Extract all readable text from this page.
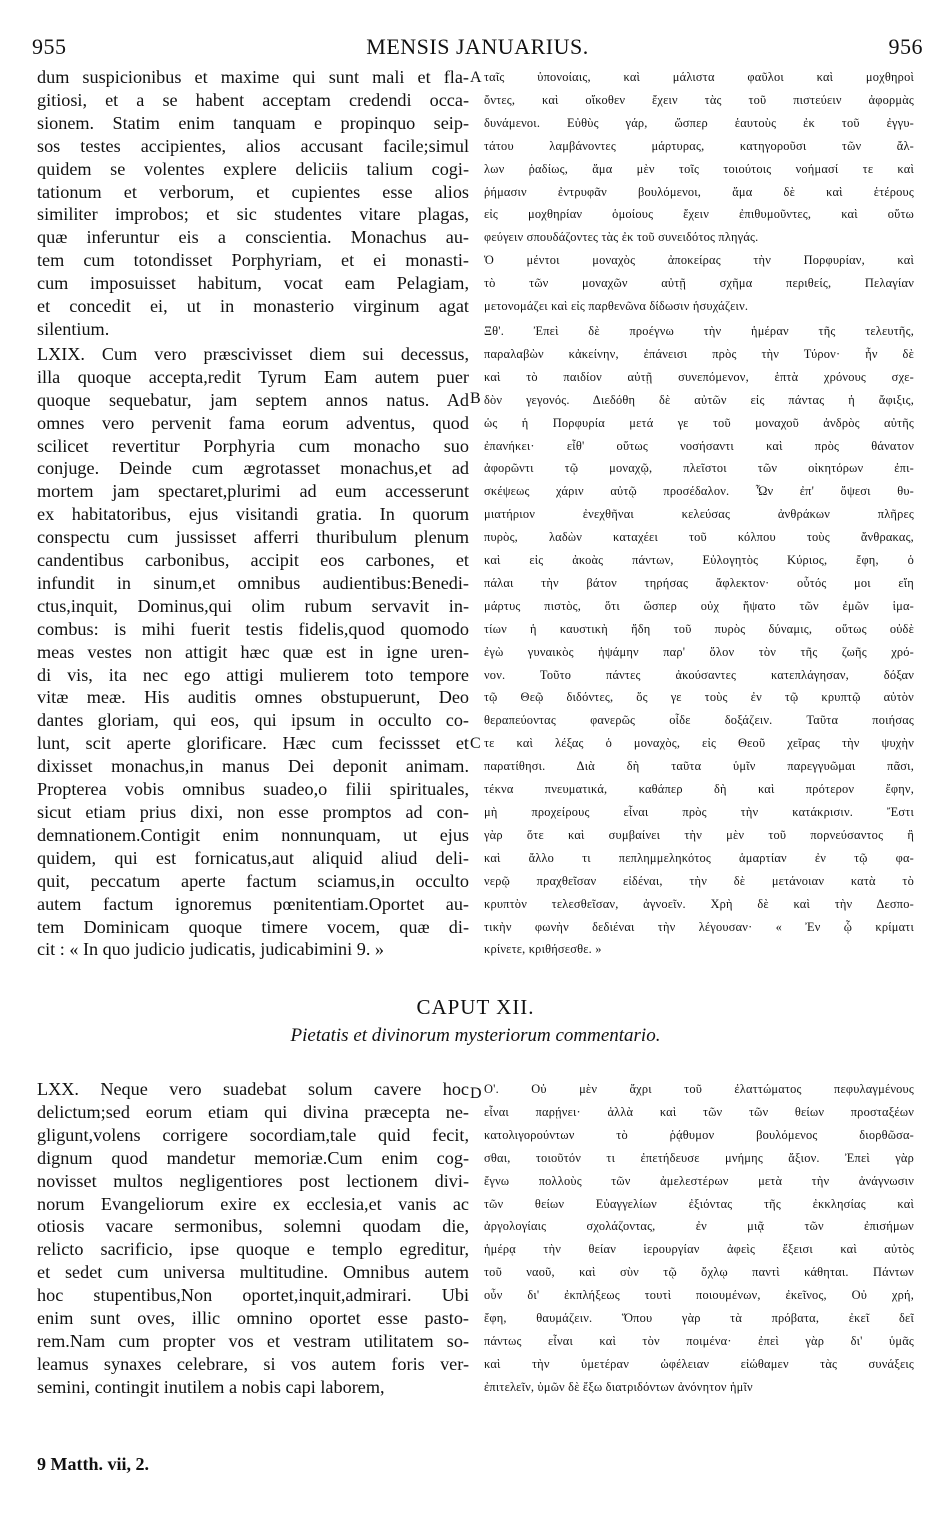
955	MENSIS JANUARIUS.	956
dum suspicionibus et maxime qui sunt mali et fla-
gitiosi, et a se habent acceptam credendi occa-
sionem. Statim enim tanquam e propinquo seip-
sos testes accipientes, alios accusant facile;simul
quidem se volentes explere deliciis talium cogi-
tationum et verborum, et cupientes esse alios
similiter improbos; et sic studentes vitare plagas,
quæ inferuntur eis a conscientia. Monachus au-
tem cum totondisset Porphyriam, et ei monasti-
cum imposuisset habitum, vocat eam Pelagiam,
et concedit ei, ut in monasterio virginum agat
silentium.
LXIX. Cum vero præscivisset diem sui decessus,
illa quoque accepta,redit Tyrum Eam autem puer
quoque sequebatur, jam septem annos natus. Ad
omnes vero pervenit fama eorum adventus, quod
scilicet revertitur Porphyria cum monacho suo
conjuge. Deinde cum ægrotasset monachus,et ad
mortem jam spectaret,plurimi ad eum accesserunt
ex habitatoribus, ejus visitandi gratia. In quorum
conspectu cum jussisset afferri thuribulum plenum
candentibus carbonibus, accipit eos carbones, et
infundit in sinum,et omnibus audientibus:Benedi-
ctus,inquit, Dominus,qui olim rubum servavit in-
combus: is mihi fuerit testis fidelis,quod quomodo
meas vestes non attigit hæc quæ est in igne uren-
di vis, ita nec ego attigi mulierem toto tempore
vitæ meæ. His auditis omnes obstupuerunt, Deo
dantes gloriam, qui eos, qui ipsum in occulto co-
lunt, scit aperte glorificare. Hæc cum fecissset et
dixisset monachus,in manus Dei deponit animam.
Propterea vobis omnibus suadeo,o filii spirituales,
sicut etiam prius dixi, non esse promptos ad con-
demnationem.Contigit enim nonnunquam, ut ejus
quidem, qui est fornicatus,aut aliquid aliud deli-
quit, peccatum aperte factum sciamus,in occulto
autem factum ignoremus pœnitentiam.Oportet au-
tem Dominicam quoque timere vocem, quæ di-
cit : « In quo judicio judicatis, judicabimini 9. »
ταῖς ὑπονοίαις, καὶ μάλιστα φαῦλοι καὶ μοχθηροὶ
ὄντες, καὶ οἴκοθεν ἔχειν τὰς τοῦ πιστεύειν ἀφορμὰς
δυνάμενοι. Εὐθὺς γάρ, ὥσπερ ἑαυτοὺς ἐκ τοῦ ἐγγυ-
τάτου λαμβάνοντες μάρτυρας, κατηγοροῦσι τῶν ἄλ-
λων ῥαδίως, ἅμα μὲν τοῖς τοιούτοις νοήμασί τε καὶ
ῥήμασιν ἐντρυφᾶν βουλόμενοι, ἅμα δὲ καὶ ἑτέρους
εἰς μοχθηρίαν ὁμοίους ἔχειν ἐπιθυμοῦντες, καὶ οὕτω
φεύγειν σπουδάζοντες τὰς ἐκ τοῦ συνειδότος πληγάς.
Ὁ μέντοι μοναχὸς ἀποκείρας τὴν Πορφυρίαν, καὶ
τὸ τῶν μοναχῶν αὐτῇ σχῆμα περιθείς, Πελαγίαν
μετονομάζει καὶ εἰς παρθενῶνα δίδωσιν ἡσυχάζειν.
Ξθ'. Ἐπεὶ δὲ προέγνω τὴν ἡμέραν τῆς τελευτῆς,
παραλαβὼν κἀκείνην, ἐπάνεισι πρὸς τὴν Τύρον· ἦν δὲ
καὶ τὸ παιδίον αὐτῇ συνεπόμενον, ἑπτὰ χρόνους σχε-
δὸν γεγονός. Διεδόθη δὲ αὐτῶν εἰς πάντας ἡ ἄφιξις,
ὡς ἡ Πορφυρία μετά γε τοῦ μοναχοῦ ἀνδρὸς αὐτῆς
ἐπανήκει· εἶθ' οὕτως νοσήσαντι καὶ πρὸς θάνατον
ἀφορῶντι τῷ μοναχῷ, πλεῖστοι τῶν οἰκητόρων ἐπι-
σκέψεως χάριν αὐτῷ προσέδαλον. Ὧν ἐπ' ὄψεσι θυ-
μιατήριον ἐνεχθῆναι κελεύσας ἀνθράκων πλῆρες
πυρὸς, λαδὼν καταχέει τοῦ κόλπου τοὺς ἄνθρακας,
καὶ εἰς ἀκοὰς πάντων, Εὐλογητὸς Κύριος, ἔφη, ὁ
πάλαι τὴν βάτον τηρήσας ἄφλεκτον· οὗτός μοι εἴη
μάρτυς πιστὸς, ὅτι ὥσπερ οὐχ ἥψατο τῶν ἐμῶν ἱμα-
τίων ἡ καυστικὴ ἤδη τοῦ πυρὸς δύναμις, οὕτως οὐδὲ
ἐγὼ γυναικὸς ἡψάμην παρ' ὅλον τὸν τῆς ζωῆς χρό-
νον. Τοῦτο πάντες ἀκούσαντες κατεπλάγησαν, δόξαν
τῷ Θεῷ διδόντες, ὅς γε τοὺς ἐν τῷ κρυπτῷ αὐτὸν
θεραπεύοντας φανερῶς οἶδε δοξάζειν. Ταῦτα ποιήσας
τε καὶ λέξας ὁ μοναχὸς, εἰς Θεοῦ χεῖρας τὴν ψυχὴν
παρατίθησι. Διὰ δὴ ταῦτα ὑμῖν παρεγγυῶμαι πᾶσι,
τέκνα πνευματικά, καθάπερ δὴ καὶ πρότερον ἔφην,
μὴ προχείρους εἶναι πρὸς τὴν κατάκρισιν. Ἔστι
γὰρ ὅτε καὶ συμβαίνει τὴν μὲν τοῦ πορνεύσαντος ἢ
καὶ ἄλλο τι πεπλημμεληκότος ἁμαρτίαν ἐν τῷ φα-
νερῷ πραχθεῖσαν εἰδέναι, τὴν δὲ μετάνοιαν κατὰ τὸ
κρυπτὸν τελεσθεῖσαν, ἀγνοεῖν. Χρὴ δὲ καὶ τὴν Δεσπο-
τικὴν φωνὴν δεδιέναι τὴν λέγουσαν· « Ἐν ᾧ κρίματι
κρίνετε, κριθήσεσθε. »
A
B
C
D
CAPUT XII.
Pietatis et divinorum mysteriorum commentario.
LXX. Neque vero suadebat solum cavere hoc
delictum;sed eorum etiam qui divina præcepta ne-
gligunt,volens corrigere socordiam,tale quid fecit,
dignum quod mandetur memoriæ.Cum enim cog-
novisset multos negligentiores post lectionem divi-
norum Evangeliorum exire ex ecclesia,et vanis ac
otiosis vacare sermonibus, solemni quodam die,
relicto sacrificio, ipse quoque e templo egreditur,
et sedet cum universa multitudine. Omnibus autem
hoc stupentibus,Non oportet,inquit,admirari. Ubi
enim sunt oves, illic omnino oportet esse pasto-
rem.Nam cum propter vos et vestram utilitatem so-
leamus synaxes celebrare, si vos autem foris ver-
semini, contingit inutilem a nobis capi laborem,
Ο'. Οὐ μὲν ἄχρι τοῦ ἐλαττώματος πεφυλαγμένους
εἶναι παρῄνει· ἀλλὰ καὶ τῶν τῶν θείων προσταξέων
κατολιγορούντων τὸ ῥᾴθυμον βουλόμενος διορθῶσα-
σθαι, τοιοῦτόν τι ἐπετήδευσε μνήμης ἄξιον. Ἐπεὶ γὰρ
ἔγνω πολλοὺς τῶν ἀμελεστέρων μετὰ τὴν ἀνάγνωσιν
τῶν θείων Εὐαγγελίων ἐξιόντας τῆς ἐκκλησίας καὶ
ἀργολογίαις σχολάζοντας, ἐν μιᾷ τῶν ἐπισήμων
ἡμέρᾳ τὴν θείαν ἱερουργίαν ἀφεὶς ἔξεισι καὶ αὐτὸς
τοῦ ναοῦ, καὶ σὺν τῷ ὄχλῳ παντὶ κάθηται. Πάντων
οὖν δι' ἐκπλήξεως τουτὶ ποιουμένων, ἐκεῖνος, Οὐ χρή,
ἔφη, θαυμάζειν. Ὅπου γὰρ τὰ πρόβατα, ἐκεῖ δεῖ
πάντως εἶναι καὶ τὸν ποιμένα· ἐπεὶ γὰρ δι' ὑμᾶς
καὶ τὴν ὑμετέραν ὠφέλειαν εἰώθαμεν τὰς συνάξεις
ἐπιτελεῖν, ὑμῶν δὲ ἔξω διατριδόντων ἀνόνητον ἡμῖν
9 Matth. vii, 2.
